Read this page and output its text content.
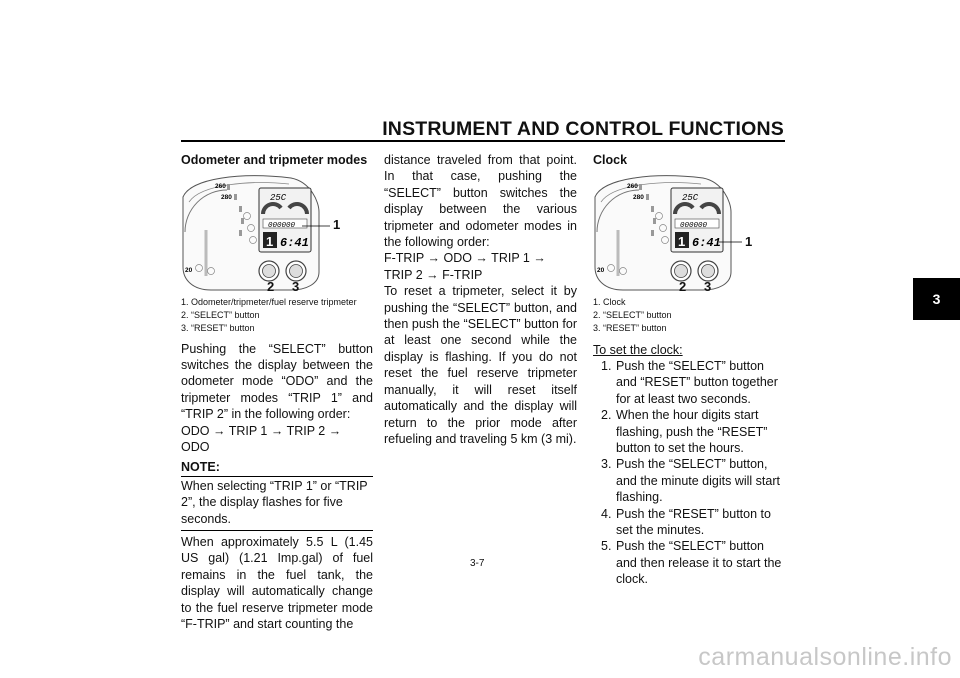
INSTRUMENT AND CONTROL FUNCTIONS
3
Odometer and tripmeter modes
260
280
20
25C
000000
1 6:41
1
2 3
1. Odometer/tripmeter/fuel reserve tripmeter
2. “SELECT” button
3. “RESET” button

Pushing the “SELECT” button switches the display between the odometer mode “ODO” and the tripmeter modes “TRIP 1” and “TRIP 2” in the following order:

ODO → TRIP 1 → TRIP 2 → ODO

NOTE:
When selecting “TRIP 1” or “TRIP 2”, the display flashes for five seconds.

When approximately 5.5 L (1.45 US gal) (1.21 Imp.gal) of fuel remains in the fuel tank, the display will automatically change to the fuel reserve tripmeter mode “F-TRIP” and start counting the

distance traveled from that point. In that case, pushing the “SELECT” button switches the display between the various tripmeter and odometer modes in the following order:

F-TRIP → ODO → TRIP 1 → TRIP 2 → F-TRIP

To reset a tripmeter, select it by pushing the “SELECT” button, and then push the “SELECT” button for at least one second while the display is flashing. If you do not reset the fuel reserve tripmeter manually, it will reset itself automatically and the display will return to the prior mode after refueling and traveling 5 km (3 mi).

Clock
260
280
20
25C
000000
1 6:41 1
2 3
1. Clock
2. “SELECT” button
3. “RESET” button
To set the clock:
1. Push the “SELECT” button and “RESET” button together for at least two seconds.
2. When the hour digits start flashing, push the “RESET” button to set the hours.
3. Push the “SELECT” button, and the minute digits will start flashing.
4. Push the “RESET” button to set the minutes.
5. Push the “SELECT” button and then release it to start the clock.
3-7
carmanualsonline.info
